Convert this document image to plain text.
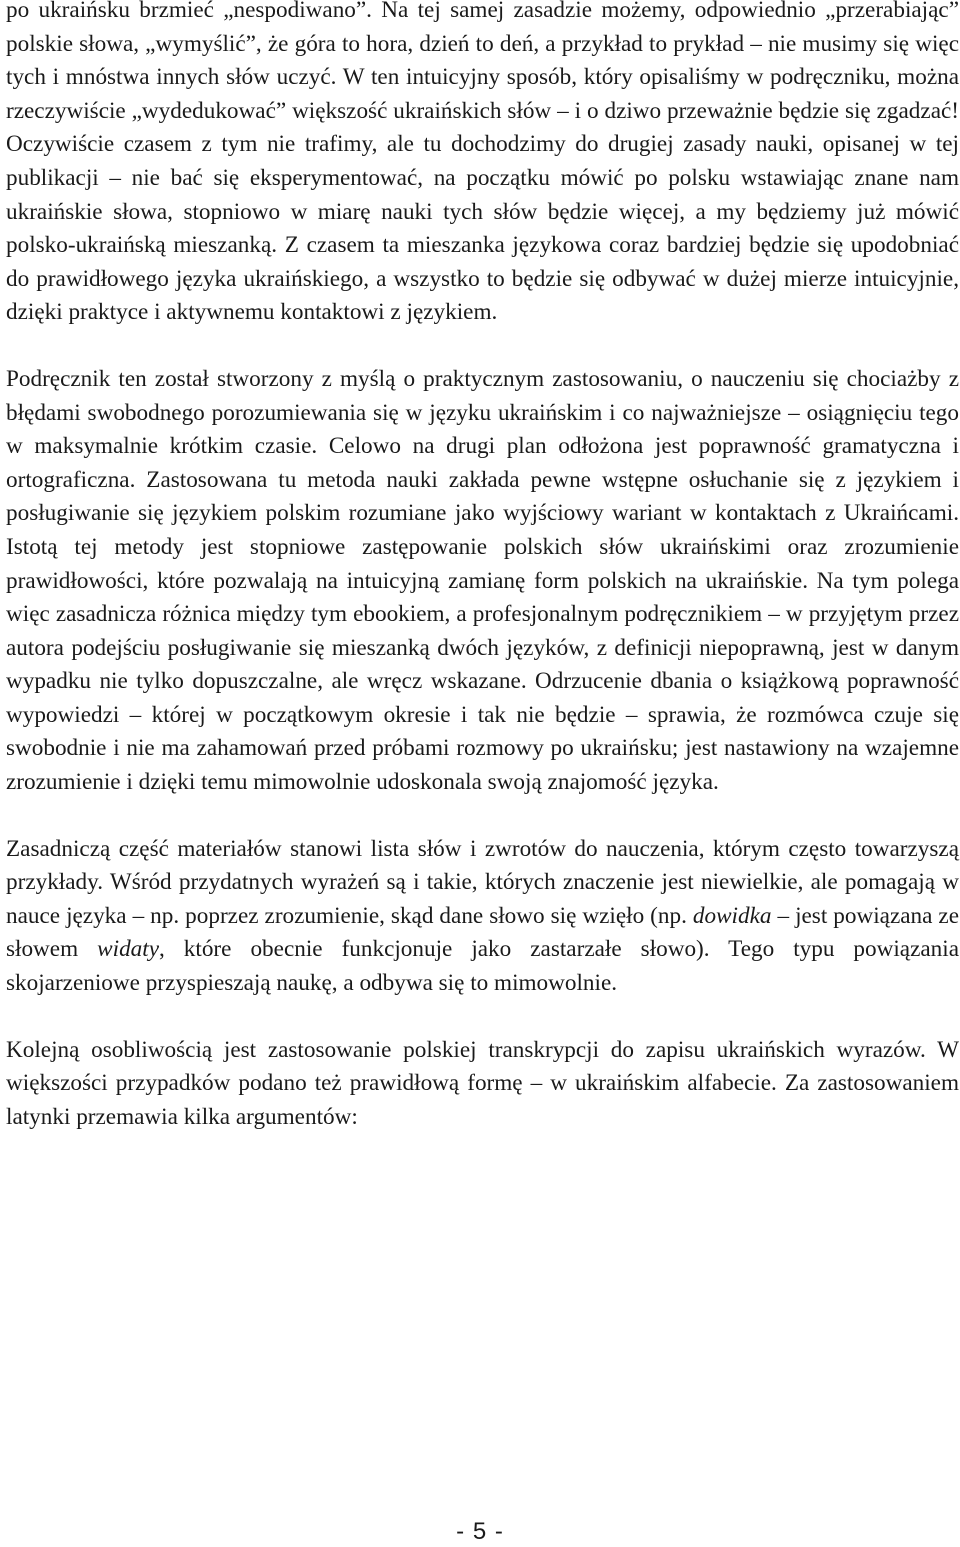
po ukraińsku brzmieć „nespodiwano”. Na tej samej zasadzie możemy, odpowiednio „przerabiając” polskie słowa, „wymyślić”, że góra to hora, dzień to deń, a przykład to prykład – nie musimy się więc tych i mnóstwa innych słów uczyć. W ten intuicyjny sposób, który opisaliśmy w podręczniku, można rzeczywiście „wydedukować” większość ukraińskich słów – i o dziwo przeważnie będzie się zgadzać! Oczywiście czasem z tym nie trafimy, ale tu dochodzimy do drugiej zasady nauki, opisanej w tej publikacji – nie bać się eksperymentować, na początku mówić po polsku wstawiając znane nam ukraińskie słowa, stopniowo w miarę nauki tych słów będzie więcej, a my będziemy już mówić polsko-ukraińską mieszanką. Z czasem ta mieszanka językowa coraz bardziej będzie się upodobniać do prawidłowego języka ukraińskiego, a wszystko to będzie się odbywać w dużej mierze intuicyjnie, dzięki praktyce i aktywnemu kontaktowi z językiem.

Podręcznik ten został stworzony z myślą o praktycznym zastosowaniu, o nauczeniu się chociażby z błędami swobodnego porozumiewania się w języku ukraińskim i co najważniejsze – osiągnięciu tego w maksymalnie krótkim czasie. Celowo na drugi plan odłożona jest poprawność gramatyczna i ortograficzna. Zastosowana tu metoda nauki zakłada pewne wstępne osłuchanie się z językiem i posługiwanie się językiem polskim rozumiane jako wyjściowy wariant w kontaktach z Ukraińcami. Istotą tej metody jest stopniowe zastępowanie polskich słów ukraińskimi oraz zrozumienie prawidłowości, które pozwalają na intuicyjną zamianę form polskich na ukraińskie. Na tym polega więc zasadnicza różnica między tym ebookiem, a profesjonalnym podręcznikiem – w przyjętym przez autora podejściu posługiwanie się mieszanką dwóch języków, z definicji niepoprawną, jest w danym wypadku nie tylko dopuszczalne, ale wręcz wskazane. Odrzucenie dbania o książkową poprawność wypowiedzi – której w początkowym okresie i tak nie będzie – sprawia, że rozmówca czuje się swobodnie i nie ma zahamowań przed próbami rozmowy po ukraińsku; jest nastawiony na wzajemne zrozumienie i dzięki temu mimowolnie udoskonala swoją znajomość języka.

Zasadniczą część materiałów stanowi lista słów i zwrotów do nauczenia, którym często towarzyszą przykłady. Wśród przydatnych wyrażeń są i takie, których znaczenie jest niewielkie, ale pomagają w nauce języka – np. poprzez zrozumienie, skąd dane słowo się wzięło (np. dowidka – jest powiązana ze słowem widaty, które obecnie funkcjonuje jako zastarzałe słowo). Tego typu powiązania skojarzeniowe przyspieszają naukę, a odbywa się to mimowolnie.

Kolejną osobliwością jest zastosowanie polskiej transkrypcji do zapisu ukraińskich wyrazów. W większości przypadków podano też prawidłową formę – w ukraińskim alfabecie. Za zastosowaniem latynki przemawia kilka argumentów:

- 5 -
